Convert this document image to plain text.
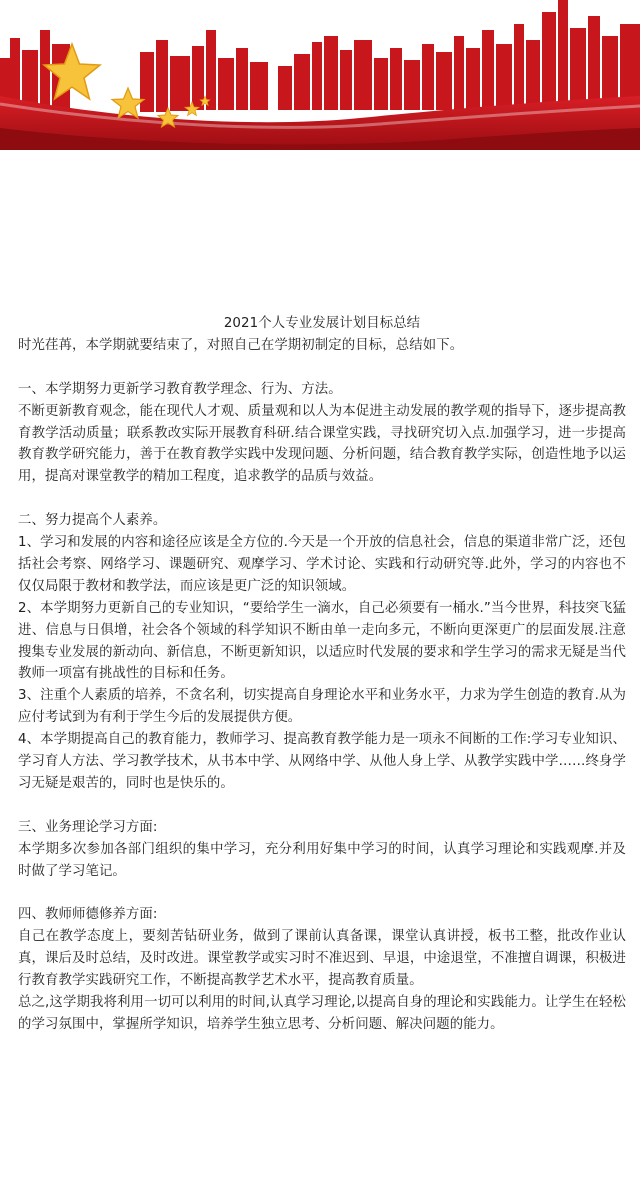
2021个人专业发展计划目标总结

时光荏苒，本学期就要结束了，对照自己在学期初制定的目标，总结如下。

一、本学期努力更新学习教育教学理念、行为、方法。

不断更新教育观念，能在现代人才观、质量观和以人为本促进主动发展的教学观的指导下，逐步提高教育教学活动质量；联系教改实际开展教育科研.结合课堂实践，寻找研究切入点.加强学习，进一步提高教育教学研究能力，善于在教育教学实践中发现问题、分析问题，结合教育教学实际，创造性地予以运用，提高对课堂教学的精加工程度，追求教学的品质与效益。

二、努力提高个人素养。

1、学习和发展的内容和途径应该是全方位的.今天是一个开放的信息社会，信息的渠道非常广泛，还包括社会考察、网络学习、课题研究、观摩学习、学术讨论、实践和行动研究等.此外，学习的内容也不仅仅局限于教材和教学法，而应该是更广泛的知识领域。

2、本学期努力更新自己的专业知识，“要给学生一滴水，自己必须要有一桶水.”当今世界，科技突飞猛进、信息与日俱增，社会各个领域的科学知识不断由单一走向多元，不断向更深更广的层面发展.注意搜集专业发展的新动向、新信息，不断更新知识，以适应时代发展的要求和学生学习的需求无疑是当代教师一项富有挑战性的目标和任务。

3、注重个人素质的培养，不贪名利，切实提高自身理论水平和业务水平，力求为学生创造的教育.从为应付考试到为有利于学生今后的发展提供方便。

4、本学期提高自己的教育能力，教师学习、提高教育教学能力是一项永不间断的工作:学习专业知识、学习育人方法、学习教学技术，从书本中学、从网络中学、从他人身上学、从教学实践中学……终身学习无疑是艰苦的，同时也是快乐的。

三、业务理论学习方面:

本学期多次参加各部门组织的集中学习，充分利用好集中学习的时间，认真学习理论和实践观摩.并及时做了学习笔记。

四、教师师德修养方面:

自己在教学态度上，要刻苦钻研业务，做到了课前认真备课，课堂认真讲授，板书工整，批改作业认真，课后及时总结，及时改进。课堂教学或实习时不准迟到、早退，中途退堂，不准擅自调课，积极进行教育教学实践研究工作，不断提高教学艺术水平，提高教育质量。

总之,这学期我将利用一切可以利用的时间,认真学习理论,以提高自身的理论和实践能力。让学生在轻松的学习氛围中，掌握所学知识，培养学生独立思考、分析问题、解决问题的能力。
